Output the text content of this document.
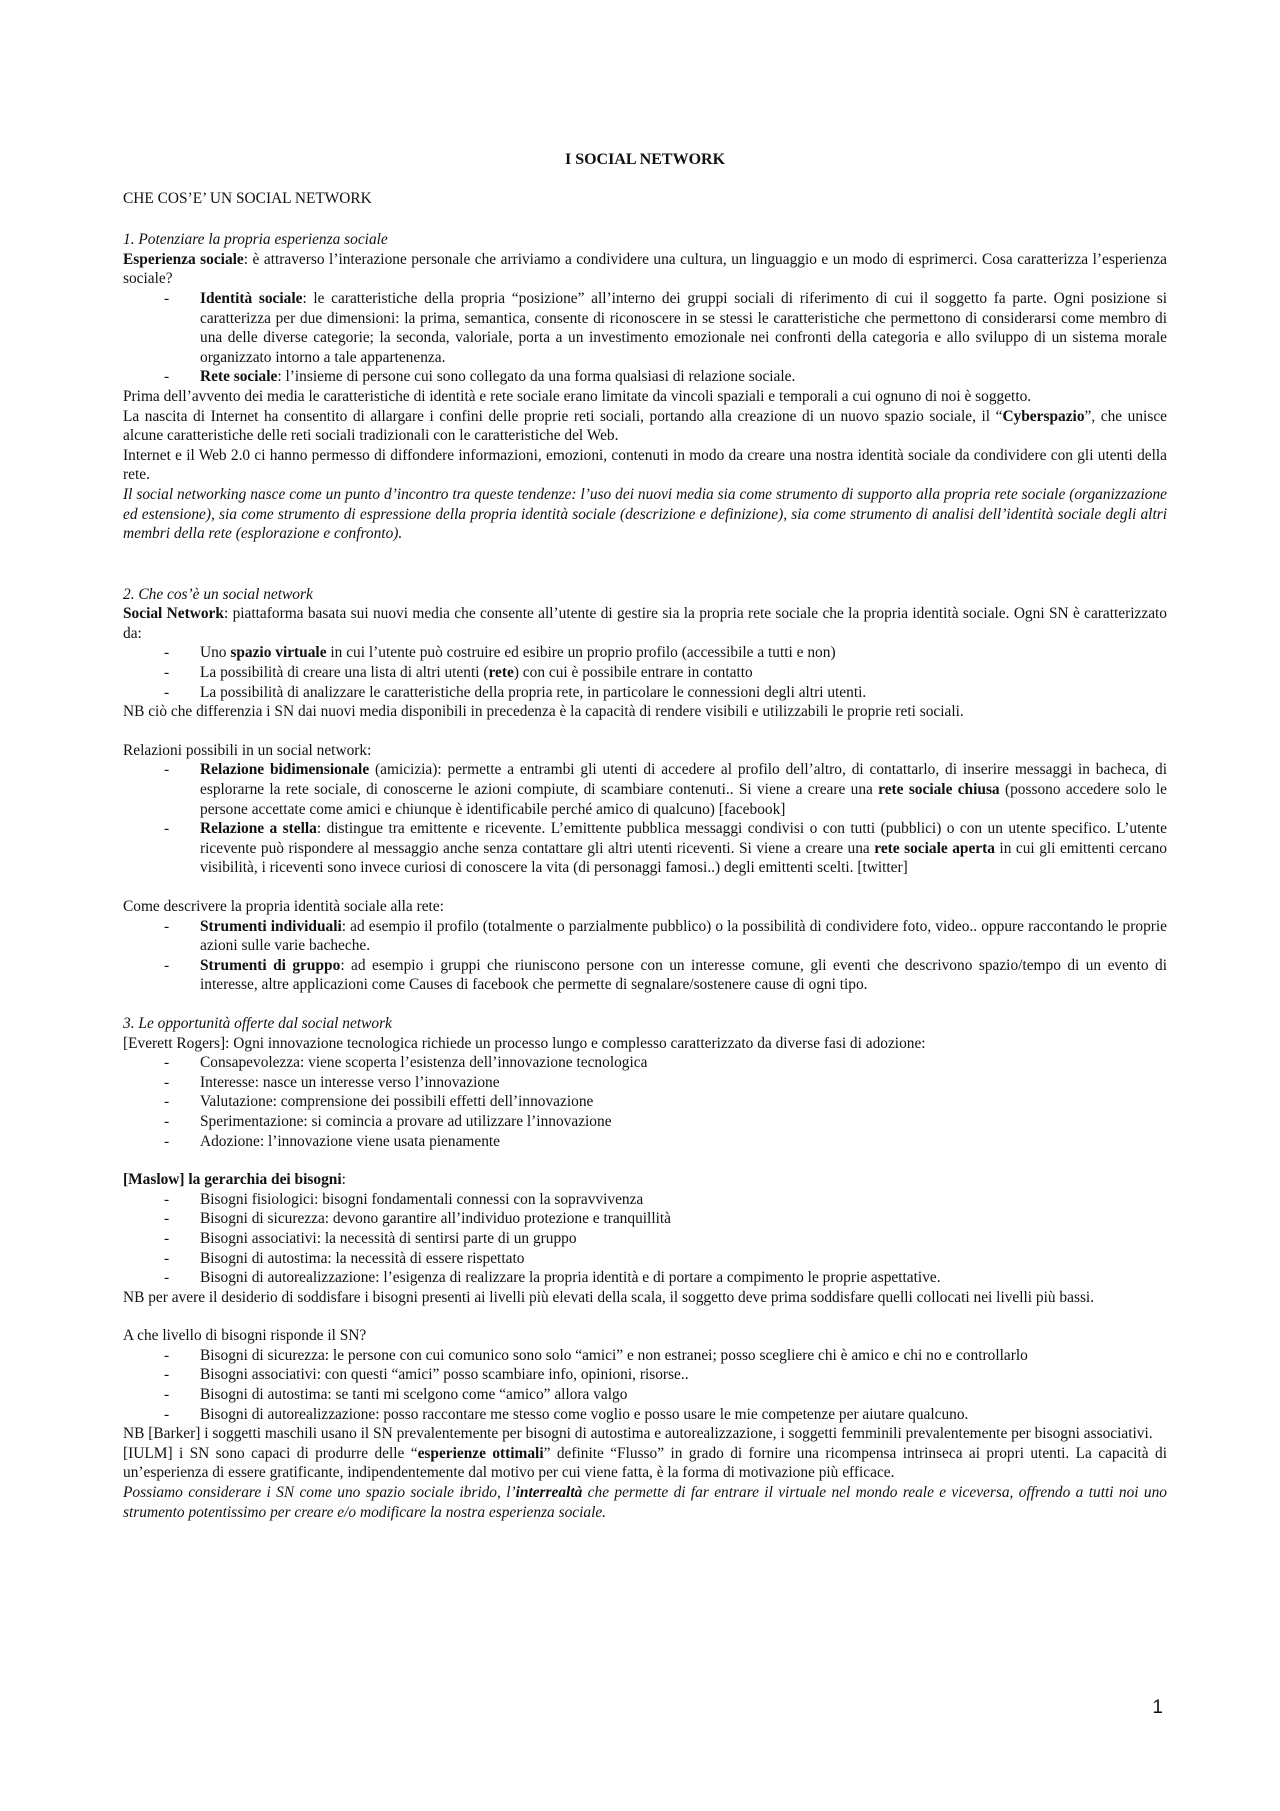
I SOCIAL NETWORK

CHE COS’E’ UN SOCIAL NETWORK

1. Potenziare la propria esperienza sociale

Esperienza sociale: è attraverso l’interazione personale che arriviamo a condividere una cultura, un linguaggio e un modo di esprimerci. Cosa caratterizza l’esperienza sociale?

- Identità sociale: le caratteristiche della propria “posizione” all’interno dei gruppi sociali di riferimento di cui il soggetto fa parte. Ogni posizione si caratterizza per due dimensioni: la prima, semantica, consente di riconoscere in se stessi le caratteristiche che permettono di considerarsi come membro di una delle diverse categorie; la seconda, valoriale, porta a un investimento emozionale nei confronti della categoria e allo sviluppo di un sistema morale organizzato intorno a tale appartenenza.
- Rete sociale: l’insieme di persone cui sono collegato da una forma qualsiasi di relazione sociale.

Prima dell’avvento dei media le caratteristiche di identità e rete sociale erano limitate da vincoli spaziali e temporali a cui ognuno di noi è soggetto.

La nascita di Internet ha consentito di allargare i confini delle proprie reti sociali, portando alla creazione di un nuovo spazio sociale, il “Cyberspazio”, che unisce alcune caratteristiche delle reti sociali tradizionali con le caratteristiche del Web.

Internet e il Web 2.0 ci hanno permesso di diffondere informazioni, emozioni, contenuti in modo da creare una nostra identità sociale da condividere con gli utenti della rete.

Il social networking nasce come un punto d’incontro tra queste tendenze: l’uso dei nuovi media sia come strumento di supporto alla propria rete sociale (organizzazione ed estensione), sia come strumento di espressione della propria identità sociale (descrizione e definizione), sia come strumento di analisi dell’identità sociale degli altri membri della rete (esplorazione e confronto).

2. Che cos’è un social network

Social Network: piattaforma basata sui nuovi media che consente all’utente di gestire sia la propria rete sociale che la propria identità sociale. Ogni SN è caratterizzato da:

- Uno spazio virtuale in cui l’utente può costruire ed esibire un proprio profilo (accessibile a tutti e non)
- La possibilità di creare una lista di altri utenti (rete) con cui è possibile entrare in contatto
- La possibilità di analizzare le caratteristiche della propria rete, in particolare le connessioni degli altri utenti.

NB ciò che differenzia i SN dai nuovi media disponibili in precedenza è la capacità di rendere visibili e utilizzabili le proprie reti sociali.

Relazioni possibili in un social network:

- Relazione bidimensionale (amicizia): permette a entrambi gli utenti di accedere al profilo dell’altro, di contattarlo, di inserire messaggi in bacheca, di esplorarne la rete sociale, di conoscerne le azioni compiute, di scambiare contenuti.. Si viene a creare una rete sociale chiusa (possono accedere solo le persone accettate come amici e chiunque è identificabile perché amico di qualcuno) [facebook]
- Relazione a stella: distingue tra emittente e ricevente. L’emittente pubblica messaggi condivisi o con tutti (pubblici) o con un utente specifico. L’utente ricevente può rispondere al messaggio anche senza contattare gli altri utenti riceventi. Si viene a creare una rete sociale aperta in cui gli emittenti cercano visibilità, i riceventi sono invece curiosi di conoscere la vita (di personaggi famosi..) degli emittenti scelti. [twitter]

Come descrivere la propria identità sociale alla rete:

- Strumenti individuali: ad esempio il profilo (totalmente o parzialmente pubblico) o la possibilità di condividere foto, video.. oppure raccontando le proprie azioni sulle varie bacheche.
- Strumenti di gruppo: ad esempio i gruppi che riuniscono persone con un interesse comune, gli eventi che descrivono spazio/tempo di un evento di interesse, altre applicazioni come Causes di facebook che permette di segnalare/sostenere cause di ogni tipo.

3. Le opportunità offerte dal social network

[Everett Rogers]: Ogni innovazione tecnologica richiede un processo lungo e complesso caratterizzato da diverse fasi di adozione:

- Consapevolezza: viene scoperta l’esistenza dell’innovazione tecnologica
- Interesse: nasce un interesse verso l’innovazione
- Valutazione: comprensione dei possibili effetti dell’innovazione
- Sperimentazione: si comincia a provare ad utilizzare l’innovazione
- Adozione: l’innovazione viene usata pienamente

[Maslow] la gerarchia dei bisogni:

- Bisogni fisiologici: bisogni fondamentali connessi con la sopravvivenza
- Bisogni di sicurezza: devono garantire all’individuo protezione e tranquillità
- Bisogni associativi: la necessità di sentirsi parte di un gruppo
- Bisogni di autostima: la necessità di essere rispettato
- Bisogni di autorealizzazione: l’esigenza di realizzare la propria identità e di portare a compimento le proprie aspettative.

NB per avere il desiderio di soddisfare i bisogni presenti ai livelli più elevati della scala, il soggetto deve prima soddisfare quelli collocati nei livelli più bassi.

A che livello di bisogni risponde il SN?

- Bisogni di sicurezza: le persone con cui comunico sono solo “amici” e non estranei; posso scegliere chi è amico e chi no e controllarlo
- Bisogni associativi: con questi “amici” posso scambiare info, opinioni, risorse..
- Bisogni di autostima: se tanti mi scelgono come “amico” allora valgo
- Bisogni di autorealizzazione: posso raccontare me stesso come voglio e posso usare le mie competenze per aiutare qualcuno.

NB [Barker] i soggetti maschili usano il SN prevalentemente per bisogni di autostima e autorealizzazione, i soggetti femminili prevalentemente per bisogni associativi.

[IULM] i SN sono capaci di produrre delle “esperienze ottimali” definite “Flusso” in grado di fornire una ricompensa intrinseca ai propri utenti. La capacità di un’esperienza di essere gratificante, indipendentemente dal motivo per cui viene fatta, è la forma di motivazione più efficace.

Possiamo considerare i SN come uno spazio sociale ibrido, l’interrealtà che permette di far entrare il virtuale nel mondo reale e viceversa, offrendo a tutti noi uno strumento potentissimo per creare e/o modificare la nostra esperienza sociale.

1
